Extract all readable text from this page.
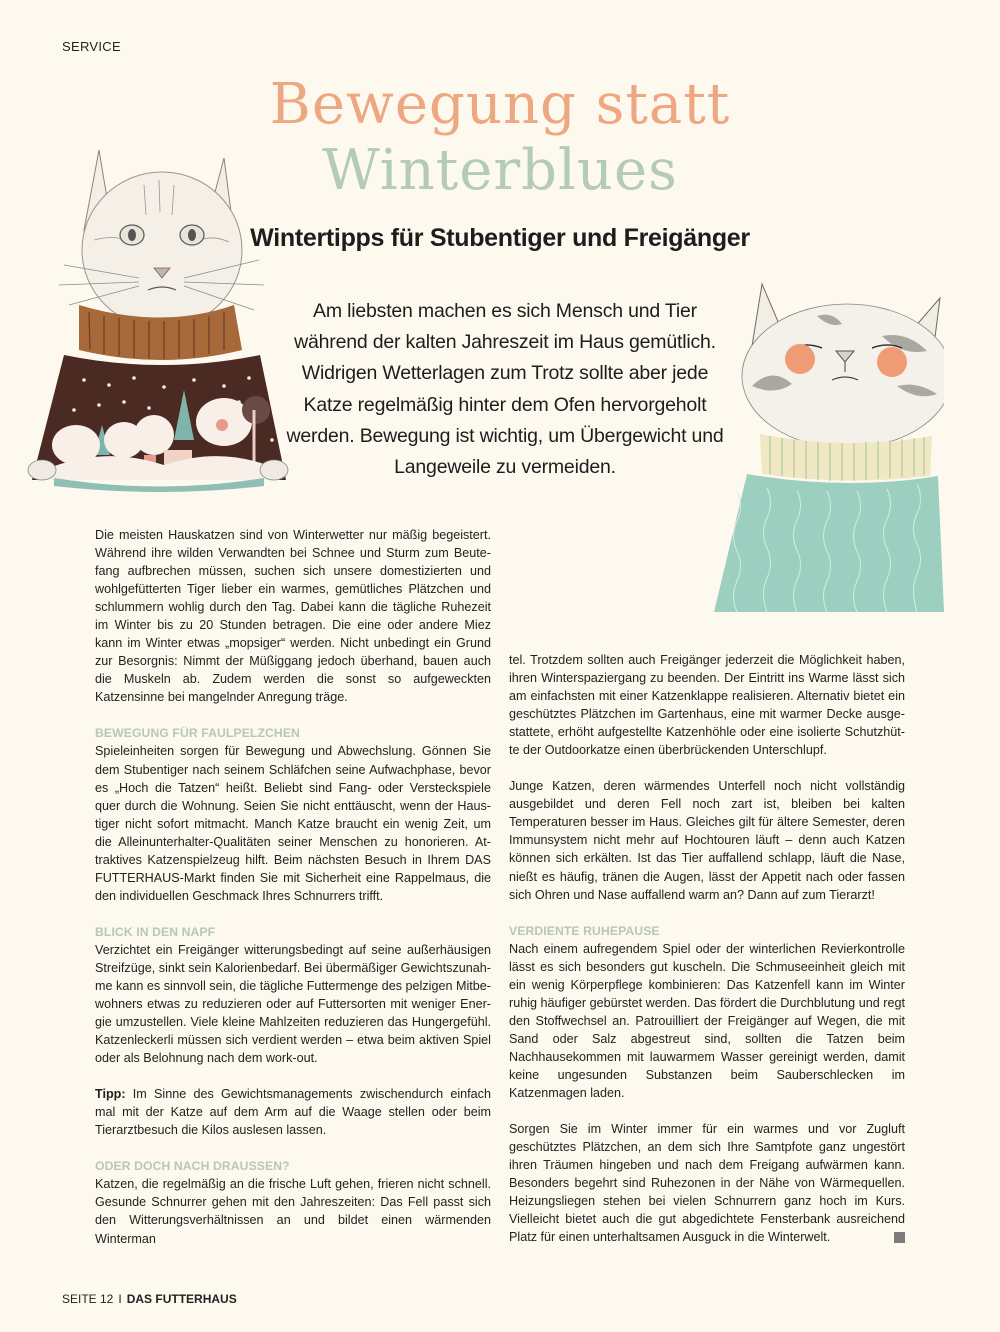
SERVICE
Bewegung statt
Winterblues
Wintertipps für Stubentiger und Freigänger

Am liebsten machen es sich Mensch und Tier während der kalten Jahreszeit im Haus gemütlich. Widrigen Wetterlagen zum Trotz sollte aber jede Katze regelmäßig hinter dem Ofen hervorgeholt werden. Bewegung ist wichtig, um Übergewicht und Langeweile zu vermeiden.

Die meisten Hauskatzen sind von Winterwetter nur mäßig begeistert. Während ihre wilden Verwandten bei Schnee und Sturm zum Beutefang aufbrechen müssen, suchen sich unsere domestizierten und wohlgefütterten Tiger lieber ein warmes, gemütliches Plätzchen und schlummern wohlig durch den Tag. Dabei kann die tägliche Ruhezeit im Winter bis zu 20 Stunden betragen. Die eine oder andere Miez kann im Winter etwas „mopsiger“ werden. Nicht unbedingt ein Grund zur Besorgnis: Nimmt der Müßiggang jedoch überhand, bauen auch die Muskeln ab. Zudem werden die sonst so aufgeweckten Katzensinne bei mangelnder Anregung träge.

BEWEGUNG FÜR FAULPELZCHEN

Spieleinheiten sorgen für Bewegung und Abwechslung. Gönnen Sie dem Stubentiger nach seinem Schläfchen seine Aufwachphase, bevor es „Hoch die Tatzen“ heißt. Beliebt sind Fang- oder Versteckspiele quer durch die Wohnung. Seien Sie nicht enttäuscht, wenn der Haustiger nicht sofort mitmacht. Manch Katze braucht ein wenig Zeit, um die Alleinunterhalter-Qualitäten seiner Menschen zu honorieren. Attraktives Katzenspielzeug hilft. Beim nächsten Besuch in Ihrem DAS FUTTERHAUS-Markt finden Sie mit Sicherheit eine Rappelmaus, die den individuellen Geschmack Ihres Schnurrers trifft.

BLICK IN DEN NAPF

Verzichtet ein Freigänger witterungsbedingt auf seine außerhäusigen Streifzüge, sinkt sein Kalorienbedarf. Bei übermäßiger Gewichtszunahme kann es sinnvoll sein, die tägliche Futtermenge des pelzigen Mitbewohners etwas zu reduzieren oder auf Futtersorten mit weniger Energie umzustellen. Viele kleine Mahlzeiten reduzieren das Hungergefühl. Katzenleckerli müssen sich verdient werden – etwa beim aktiven Spiel oder als Belohnung nach dem work-out.

Tipp: Im Sinne des Gewichtsmanagements zwischendurch einfach mal mit der Katze auf dem Arm auf die Waage stellen oder beim Tierarztbesuch die Kilos auslesen lassen.

ODER DOCH NACH DRAUSSEN?

Katzen, die regelmäßig an die frische Luft gehen, frieren nicht schnell. Gesunde Schnurrer gehen mit den Jahreszeiten: Das Fell passt sich den Witterungsverhältnissen an und bildet einen wärmenden Winterman

tel. Trotzdem sollten auch Freigänger jederzeit die Möglichkeit haben, ihren Winterspaziergang zu beenden. Der Eintritt ins Warme lässt sich am einfachsten mit einer Katzenklappe realisieren. Alternativ bietet ein geschütztes Plätzchen im Gartenhaus, eine mit warmer Decke ausgestattete, erhöht aufgestellte Katzenhöhle oder eine isolierte Schutzhütte der Outdoorkatze einen überbrückenden Unterschlupf.

Junge Katzen, deren wärmendes Unterfell noch nicht vollständig ausgebildet und deren Fell noch zart ist, bleiben bei kalten Temperaturen besser im Haus. Gleiches gilt für ältere Semester, deren Immunsystem nicht mehr auf Hochtouren läuft – denn auch Katzen können sich erkälten. Ist das Tier auffallend schlapp, läuft die Nase, nießt es häufig, tränen die Augen, lässt der Appetit nach oder fassen sich Ohren und Nase auffallend warm an? Dann auf zum Tierarzt!

VERDIENTE RUHEPAUSE

Nach einem aufregendem Spiel oder der winterlichen Revierkontrolle lässt es sich besonders gut kuscheln. Die Schmuseeinheit gleich mit ein wenig Körperpflege kombinieren: Das Katzenfell kann im Winter ruhig häufiger gebürstet werden. Das fördert die Durchblutung und regt den Stoffwechsel an. Patrouilliert der Freigänger auf Wegen, die mit Sand oder Salz abgestreut sind, sollten die Tatzen beim Nachhausekommen mit lauwarmem Wasser gereinigt werden, damit keine ungesunden Substanzen beim Sauberschlecken im Katzenmagen laden.

Sorgen Sie im Winter immer für ein warmes und vor Zugluft geschütztes Plätzchen, an dem sich Ihre Samtpfote ganz ungestört ihren Träumen hingeben und nach dem Freigang aufwärmen kann. Besonders begehrt sind Ruhezonen in der Nähe von Wärmequellen. Heizungsliegen stehen bei vielen Schnurrern ganz hoch im Kurs. Vielleicht bietet auch die gut abgedichtete Fensterbank ausreichend Platz für einen unterhaltsamen Ausguck in die Winterwelt.

SEITE 12 I DAS FUTTERHAUS
